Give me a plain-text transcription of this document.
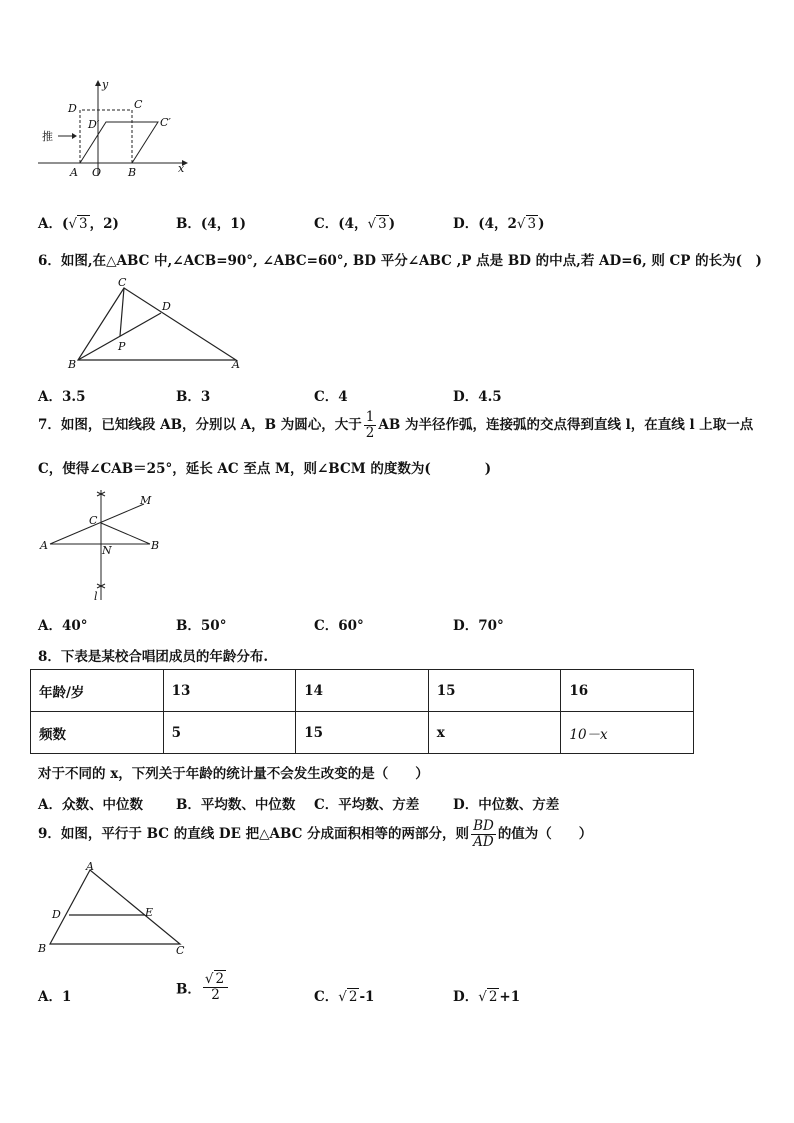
y
x
D	C
D′	C′
推
A O B
A．(√ 3 ，2)	B．(4，1)	C．(4，√ 3 )	D．(4，2√ 3 )
6．如图,在△ABC 中,∠ACB=90°, ∠ABC=60°, BD 平分∠ABC ,P 点是 BD 的中点,若 AD=6, 则 CP 的长为(　)
C
D
P
B	A
A．3.5	B．3	C．4	D．4.5
7．如图，已知线段 AB，分别以 A，B 为圆心，大于 $\frac{1}{2}$ AB 为半径作弧，连接弧的交点得到直线 l，在直线 l 上取一点
C，使得∠CAB＝25°，延长 AC 至点 M，则∠BCM 的度数为(　　　　)
M
C
A	N	B
l
A．40°	B．50°	C．60°	D．70°
8．下表是某校合唱团成员的年龄分布.
年龄/岁	13	14	15	16
频数	5	15	x	10－x
对于不同的 x，下列关于年龄的统计量不会发生改变的是（　　）
A．众数、中位数 B．平均数、中位数 C．平均数、方差	D．中位数、方差
9．如图，平行于 BC 的直线 DE 把△ABC 分成面积相等的两部分，则 $\frac{BD}{AD}$ 的值为（　　）
A
D	E
B	C
A．1	B． $\frac{√ 2}{2}$	C．√ 2 -1	D．√ 2 +1
